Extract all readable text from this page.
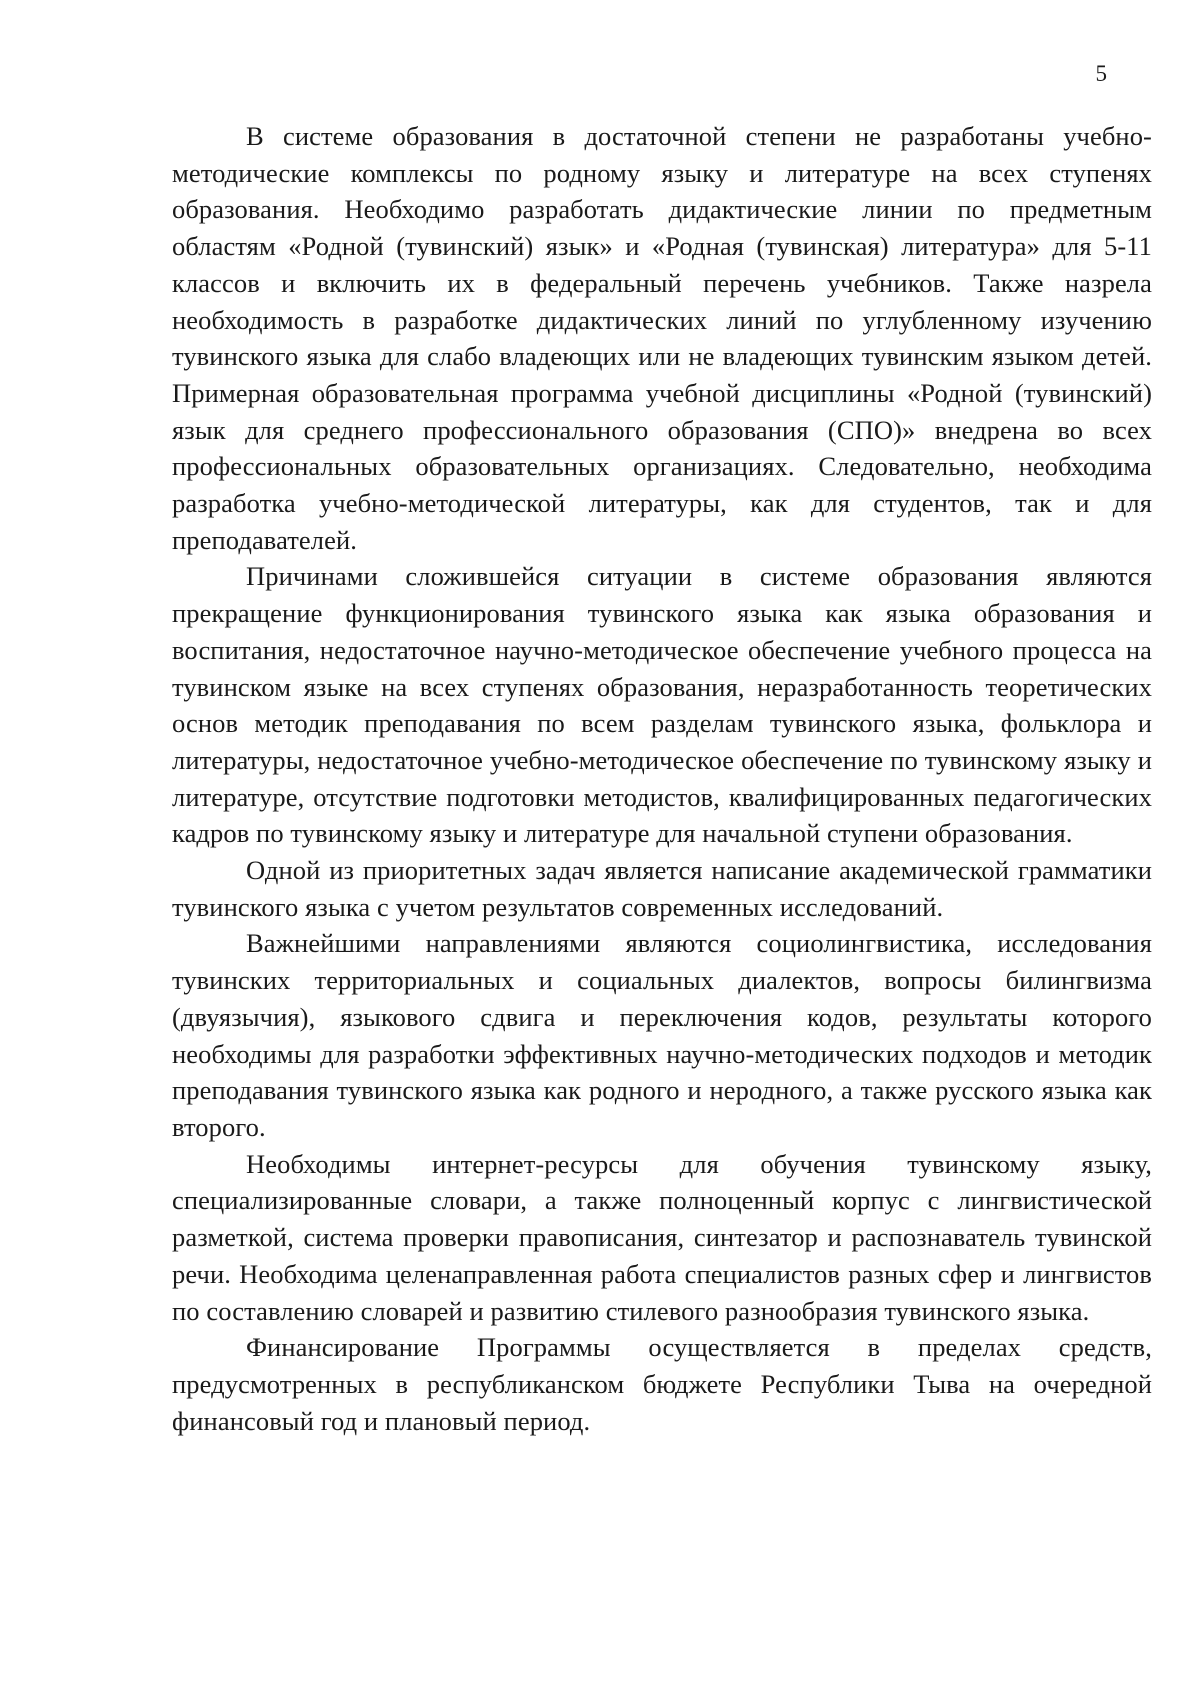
5

В системе образования в достаточной степени не разработаны учебно-методические комплексы по родному языку и литературе на всех ступенях образования. Необходимо разработать дидактические линии по предметным областям «Родной (тувинский) язык» и «Родная (тувинская) литература» для 5-11 классов и включить их в федеральный перечень учебников. Также назрела необходимость в разработке дидактических линий по углубленному изучению тувинского языка для слабо владеющих или не владеющих тувинским языком детей. Примерная образовательная программа учебной дисциплины «Родной (тувинский) язык для среднего профессионального образования (СПО)» внедрена во всех профессиональных образовательных организациях. Следовательно, необходима разработка учебно-методической литературы, как для студентов, так и для преподавателей.

Причинами сложившейся ситуации в системе образования являются прекращение функционирования тувинского языка как языка образования и воспитания, недостаточное научно-методическое обеспечение учебного процесса на тувинском языке на всех ступенях образования, неразработанность теоретических основ методик преподавания по всем разделам тувинского языка, фольклора и литературы, недостаточное учебно-методическое обеспечение по тувинскому языку и литературе, отсутствие подготовки методистов, квалифицированных педагогических кадров по тувинскому языку и литературе для начальной ступени образования.

Одной из приоритетных задач является написание академической грамматики тувинского языка с учетом результатов современных исследований.

Важнейшими направлениями являются социолингвистика, исследования тувинских территориальных и социальных диалектов, вопросы билингвизма (двуязычия), языкового сдвига и переключения кодов, результаты которого необходимы для разработки эффективных научно-методических подходов и методик преподавания тувинского языка как родного и неродного, а также русского языка как второго.

Необходимы интернет-ресурсы для обучения тувинскому языку, специализированные словари, а также полноценный корпус с лингвистической разметкой, система проверки правописания, синтезатор и распознаватель тувинской речи. Необходима целенаправленная работа специалистов разных сфер и лингвистов по составлению словарей и развитию стилевого разнообразия тувинского языка.

Финансирование Программы осуществляется в пределах средств, предусмотренных в республиканском бюджете Республики Тыва на очередной финансовый год и плановый период.
